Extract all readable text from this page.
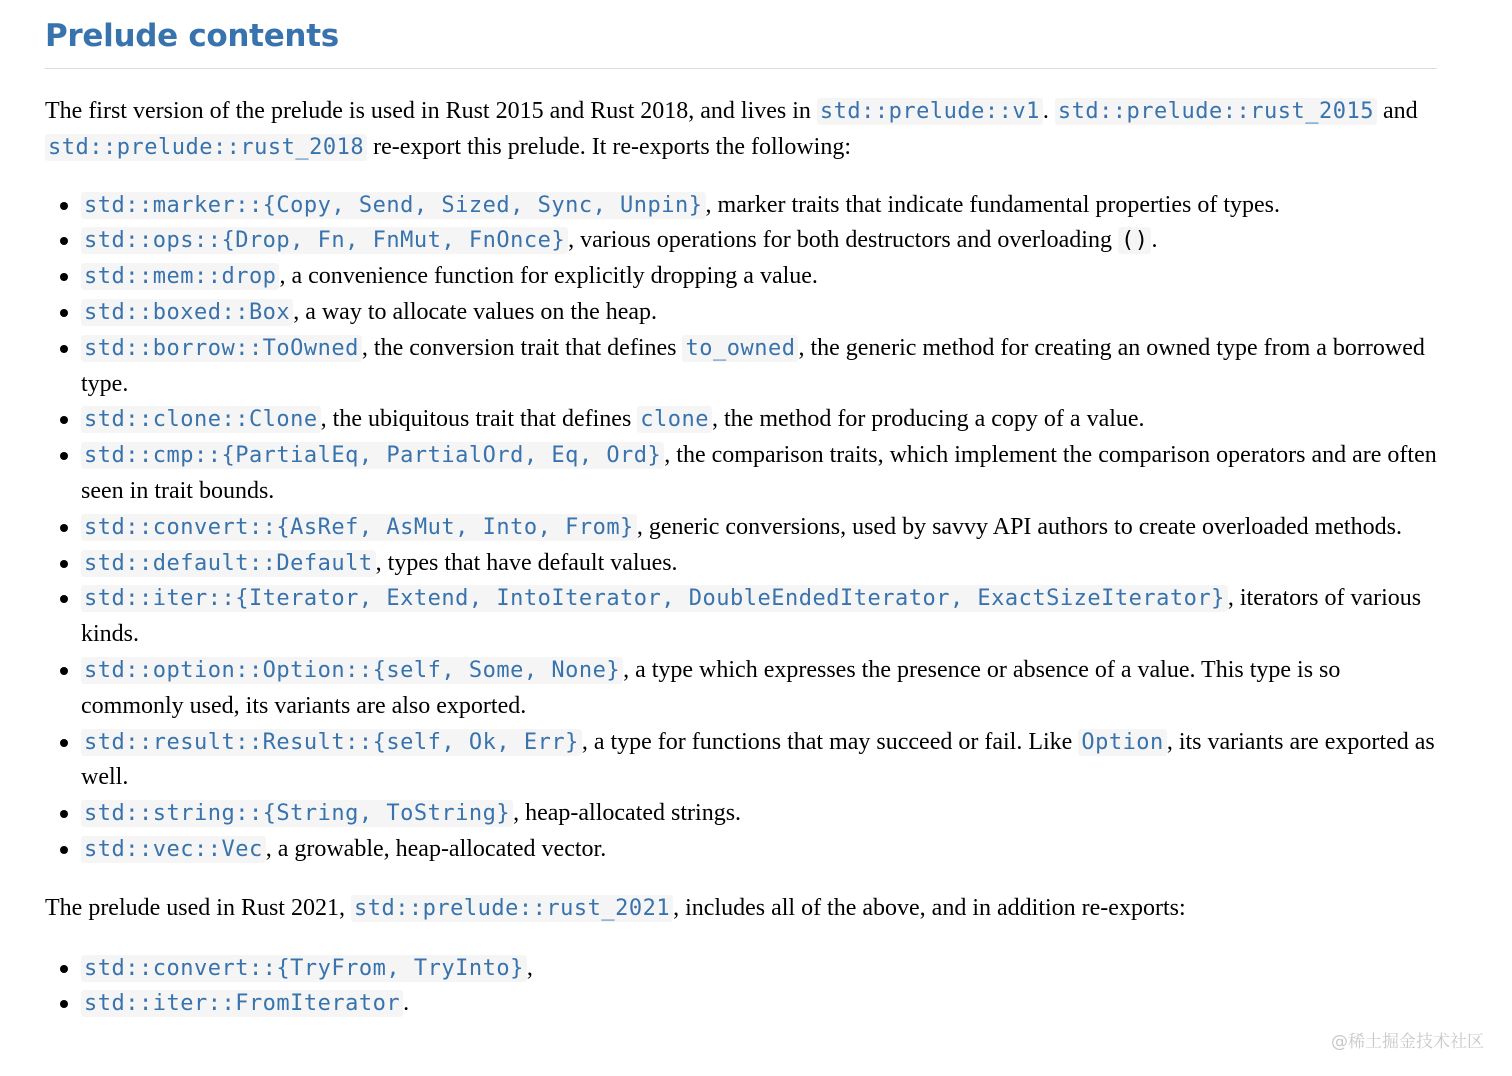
Prelude contents

The first version of the prelude is used in Rust 2015 and Rust 2018, and lives in std::prelude::v1 . std::prelude::rust_2015 and std::prelude::rust_2018 re-export this prelude. It re-exports the following:

std::marker::{Copy, Send, Sized, Sync, Unpin} , marker traits that indicate fundamental properties of types.
std::ops::{Drop, Fn, FnMut, FnOnce} , various operations for both destructors and overloading () .
std::mem::drop , a convenience function for explicitly dropping a value.
std::boxed::Box , a way to allocate values on the heap.
std::borrow::ToOwned , the conversion trait that defines to_owned , the generic method for creating an owned type from a borrowed type.
std::clone::Clone , the ubiquitous trait that defines clone , the method for producing a copy of a value.
std::cmp::{PartialEq, PartialOrd, Eq, Ord} , the comparison traits, which implement the comparison operators and are often seen in trait bounds.
std::convert::{AsRef, AsMut, Into, From} , generic conversions, used by savvy API authors to create overloaded methods.
std::default::Default , types that have default values.
std::iter::{Iterator, Extend, IntoIterator, DoubleEndedIterator, ExactSizeIterator} , iterators of various kinds.
std::option::Option::{self, Some, None} , a type which expresses the presence or absence of a value. This type is so commonly used, its variants are also exported.
std::result::Result::{self, Ok, Err} , a type for functions that may succeed or fail. Like Option , its variants are exported as well.
std::string::{String, ToString} , heap-allocated strings.
std::vec::Vec , a growable, heap-allocated vector.

The prelude used in Rust 2021, std::prelude::rust_2021 , includes all of the above, and in addition re-exports:

std::convert::{TryFrom, TryInto} ,
std::iter::FromIterator .
@稀土掘金技术社区
